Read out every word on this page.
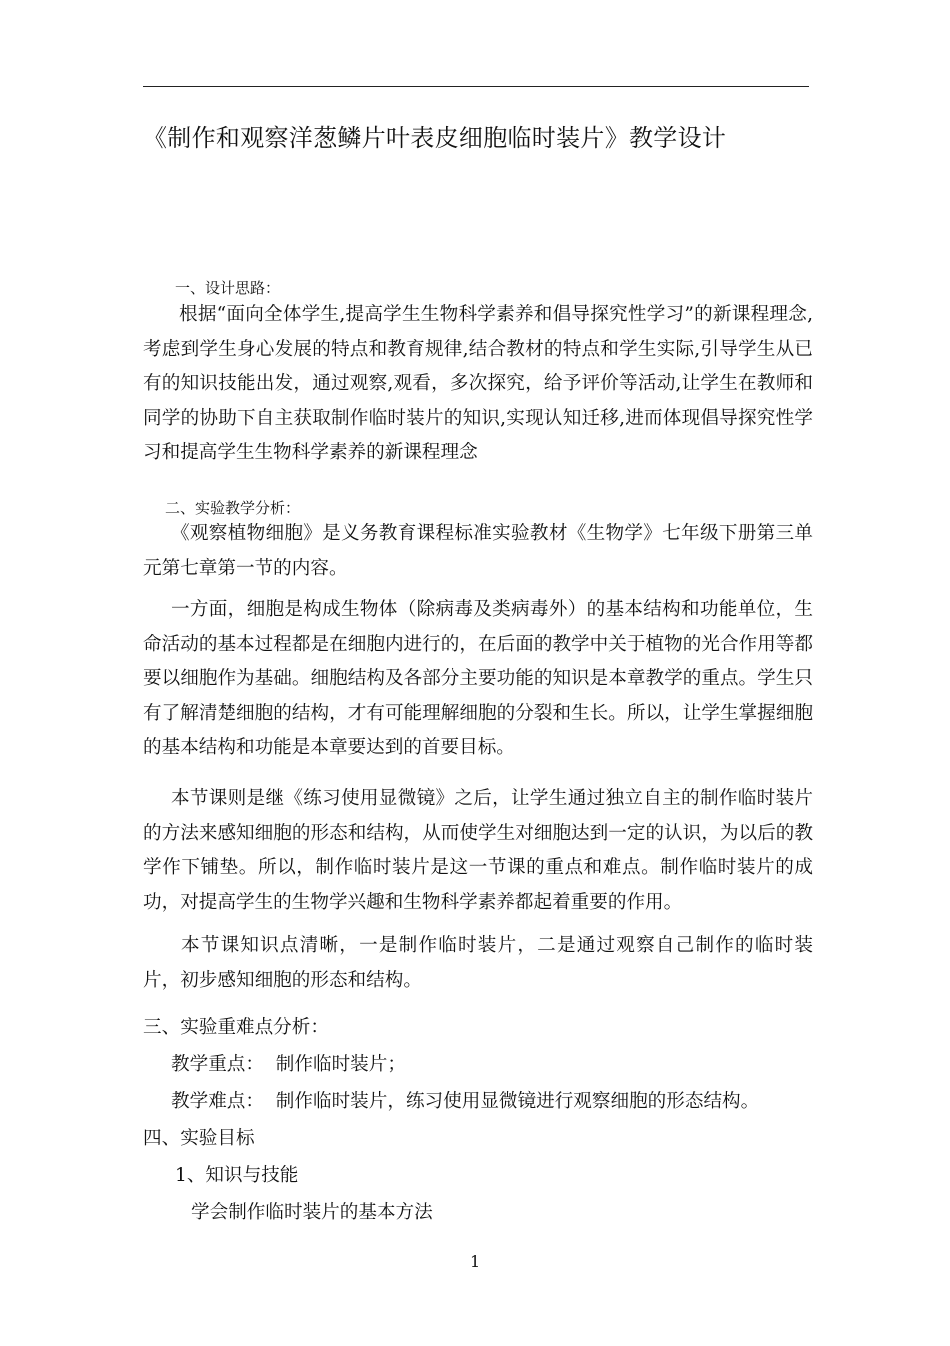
《制作和观察洋葱鳞片叶表皮细胞临时装片》教学设计
一、设计思路：
根据“面向全体学生,提高学生生物科学素养和倡导探究性学习”的新课程理念,考虑到学生身心发展的特点和教育规律,结合教材的特点和学生实际,引导学生从已有的知识技能出发，通过观察,观看，多次探究，给予评价等活动,让学生在教师和同学的协助下自主获取制作临时装片的知识,实现认知迁移,进而体现倡导探究性学习和提高学生生物科学素养的新课程理念
二、实验教学分析：
《观察植物细胞》是义务教育课程标准实验教材《生物学》七年级下册第三单元第七章第一节的内容。
一方面，细胞是构成生物体（除病毒及类病毒外）的基本结构和功能单位，生命活动的基本过程都是在细胞内进行的，在后面的教学中关于植物的光合作用等都要以细胞作为基础。细胞结构及各部分主要功能的知识是本章教学的重点。学生只有了解清楚细胞的结构，才有可能理解细胞的分裂和生长。所以，让学生掌握细胞的基本结构和功能是本章要达到的首要目标。
本节课则是继《练习使用显微镜》之后，让学生通过独立自主的制作临时装片的方法来感知细胞的形态和结构，从而使学生对细胞达到一定的认识，为以后的教学作下铺垫。所以，制作临时装片是这一节课的重点和难点。制作临时装片的成功，对提高学生的生物学兴趣和生物科学素养都起着重要的作用。
本节课知识点清晰，一是制作临时装片，二是通过观察自己制作的临时装片，初步感知细胞的形态和结构。
三、实验重难点分析：
教学重点：  制作临时装片；
教学难点：  制作临时装片，练习使用显微镜进行观察细胞的形态结构。
四、实验目标
1、知识与技能
学会制作临时装片的基本方法
1
